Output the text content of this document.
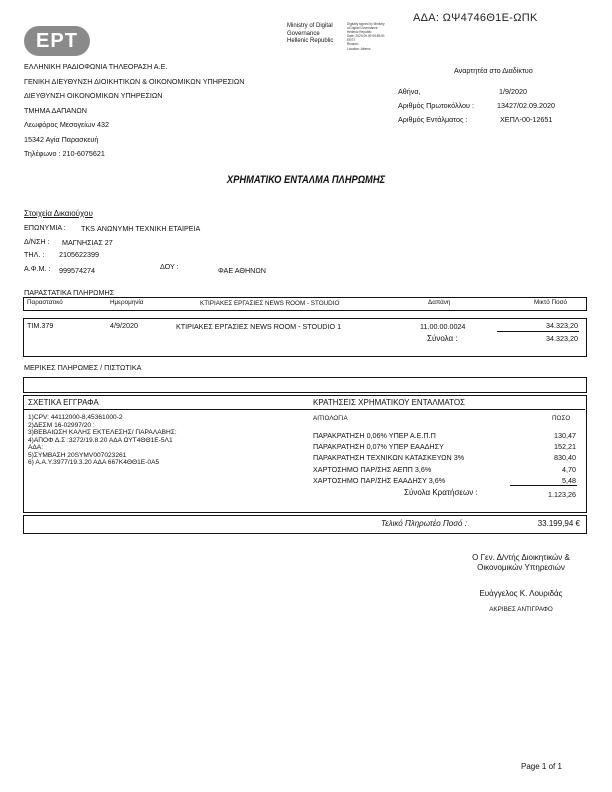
ΑΔΑ: ΩΨ4746Θ1Ε-ΩΠΚ
ΕΡΤ
Ministry of Digital
Governance
Hellenic Republic
Digitally signed by Ministry
of Digital Governance
Hellenic Republic
Date: 2020.09.09 09:59:51
EEST
Reason:
Location: Athens
ΕΛΛΗΝΙΚΗ ΡΑΔΙΟΦΩΝΙΑ ΤΗΛΕΟΡΑΣΗ Α.Ε.
ΓΕΝΙΚΗ ΔΙΕΥΘΥΝΣΗ ΔΙΟΙΚΗΤΙΚΩΝ & ΟΙΚΟΝΟΜΙΚΩΝ ΥΠΗΡΕΣΙΩΝ
ΔΙΕΥΘΥΝΣΗ ΟΙΚΟΝΟΜΙΚΩΝ ΥΠΗΡΕΣΙΩΝ
ΤΜΗΜΑ ΔΑΠΑΝΩΝ
Λεωφόρος Μεσογείων 432
15342 Αγία Παρασκευή
Τηλέφωνο : 210-6075621
Αναρτητέα στο Διαδίκτυο
Αθήνα,	1/9/2020
Αριθμός Πρωτοκόλλου :	13427/02.09.2020
Αριθμός Εντάλματος :	ΧΕΠΛ-00-12651
ΧΡΗΜΑΤΙΚΟ ΕΝΤΑΛΜΑ ΠΛΗΡΩΜΗΣ
Στοιχεία Δικαιούχου
ΕΠΩΝΥΜΙΑ : TKS ΑΝΩΝΥΜΗ ΤΕΧΝΙΚΗ ΕΤΑΙΡΕΙΑ
Δ/ΝΣΗ : ΜΑΓΝΗΣΙΑΣ 27
ΤΗΛ. : 2105622399
Α.Φ.Μ. : 999574274	ΔΟΥ :	ΦΑΕ ΑΘΗΝΩΝ
ΠΑΡΑΣΤΑΤΙΚΑ ΠΛΗΡΩΜΗΣ
Παραστατικό	Ημερομηνία	ΚΤΙΡΙΑΚΕΣ ΕΡΓΑΣΙΕΣ NEWS ROOM - STOUDIO	Δαπάνη	Μικτό Ποσό
TIM.379	4/9/2020	ΚΤΙΡΙΑΚΕΣ ΕΡΓΑΣΙΕΣ NEWS ROOM - STOUDIO 1	11.00.00.0024	34.323,20
Σύνολα :	34.323,20
ΜΕΡΙΚΕΣ ΠΛΗΡΩΜΕΣ / ΠΙΣΤΩΤΙΚΑ
ΣΧΕΤΙΚΑ ΕΓΓΡΑΦΑ
1)CPV: 44112000-8,45361000-2
2)ΔΕΣΜ 16-02997/20 :
3)ΒΕΒΑΙΩΣΗ ΚΑΛΗΣ ΕΚΤΕΛΕΣΗΣ/ ΠΑΡΑΛΑΒΗΣ:
4)ΑΠΟΦ Δ.Σ :3272/19.8.20 ΑΔΑ ΩΥΤ4ΘΘ1Ε-5Λ1
ΑΔΑ:
5)ΣΥΜΒΑΣΗ 20SYMV007023261
6) Α.Α.Υ.3977/19.3.20 ΑΔΑ 667Κ4ΘΘ1Ε-0Α5
ΚΡΑΤΗΣΕΙΣ ΧΡΗΜΑΤΙΚΟΥ ΕΝΤΑΛΜΑΤΟΣ
ΑΙΤΙΟΛΟΓΙΑ	ΠΟΣΟ
ΠΑΡΑΚΡΑΤΗΣΗ 0,06% ΥΠΕΡ Α.Ε.Π.Π	130,47
ΠΑΡΑΚΡΑΤΗΣΗ 0,07% ΥΠΕΡ ΕΑΑΔΗΣΥ	152,21
ΠΑΡΑΚΡΑΤΗΣΗ ΤΕΧΝΙΚΩΝ ΚΑΤΑΣΚΕΥΩΝ 3%	830,40
ΧΑΡΤΟΣΗΜΟ ΠΑΡ/ΣΗΣ ΑΕΠΠ 3,6%	4,70
ΧΑΡΤΟΣΗΜΟ ΠΑΡ/ΣΗΣ ΕΑΑΔΗΣΥ 3,6%	5,48
Σύνολα Κρατήσεων :	1.123,26
Τελικό Πληρωτέο Ποσό :	33.199,94 €
Ο Γεν. Δ/ντής Διοικητικών &
Οικονομικών Υπηρεσιών
Ευάγγελος Κ. Λουριδάς
ΑΚΡΙΒΕΣ ΑΝΤΙΓΡΑΦΟ
Page 1 of 1
